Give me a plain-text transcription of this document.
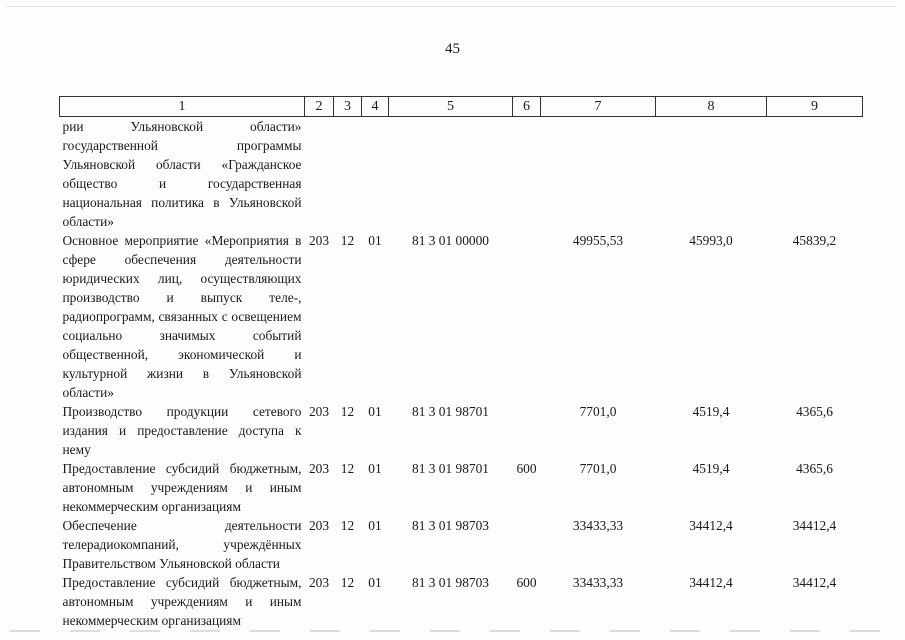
45
1	2	3	4	5	6	7	8	9
рии Ульяновской области» государственной программы Ульяновской области «Гражданское общество и государственная национальная политика в Ульяновской области»								
Основное мероприятие «Мероприятия в сфере обеспечения деятельности юридических лиц, осуществляющих производство и выпуск теле-, радиопрограмм, связанных с освещением социально значимых событий общественной, экономической и культурной жизни в Ульяновской области»	203	12	01	81 3 01 00000		49955,53	45993,0	45839,2
Производство продукции сетевого издания и предоставление доступа к нему	203	12	01	81 3 01 98701		7701,0	4519,4	4365,6
Предоставление субсидий бюджетным, автономным учреждениям и иным некоммерческим организациям	203	12	01	81 3 01 98701	600	7701,0	4519,4	4365,6
Обеспечение деятельности телерадиокомпаний, учреждённых Правительством Ульяновской области	203	12	01	81 3 01 98703		33433,33	34412,4	34412,4
Предоставление субсидий бюджетным, автономным учреждениям и иным некоммерческим организациям	203	12	01	81 3 01 98703	600	33433,33	34412,4	34412,4
